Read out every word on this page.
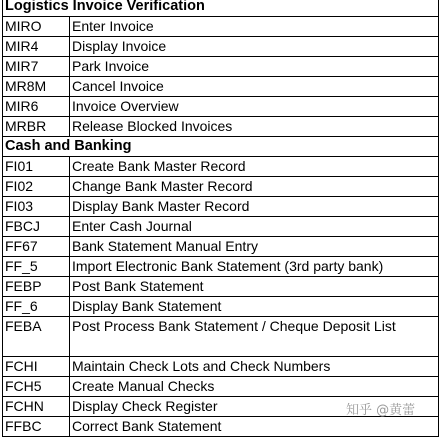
Logistics Invoice Verification	
MIRO	Enter Invoice
MIR4	Display Invoice
MIR7	Park Invoice
MR8M	Cancel Invoice
MIR6	Invoice Overview
MRBR	Release Blocked Invoices
Cash and Banking	
FI01	Create Bank Master Record
FI02	Change Bank Master Record
FI03	Display Bank Master Record
FBCJ	Enter Cash Journal
FF67	Bank Statement Manual Entry
FF_5	Import Electronic Bank Statement (3rd party bank)
FEBP	Post Bank Statement
FF_6	Display Bank Statement
FEBA	Post Process Bank Statement / Cheque Deposit List
FCHI	Maintain Check Lots and Check Numbers
FCH5	Create Manual Checks
FCHN	Display Check Register
FFBC	Correct Bank Statement
知乎 @黄蕾
